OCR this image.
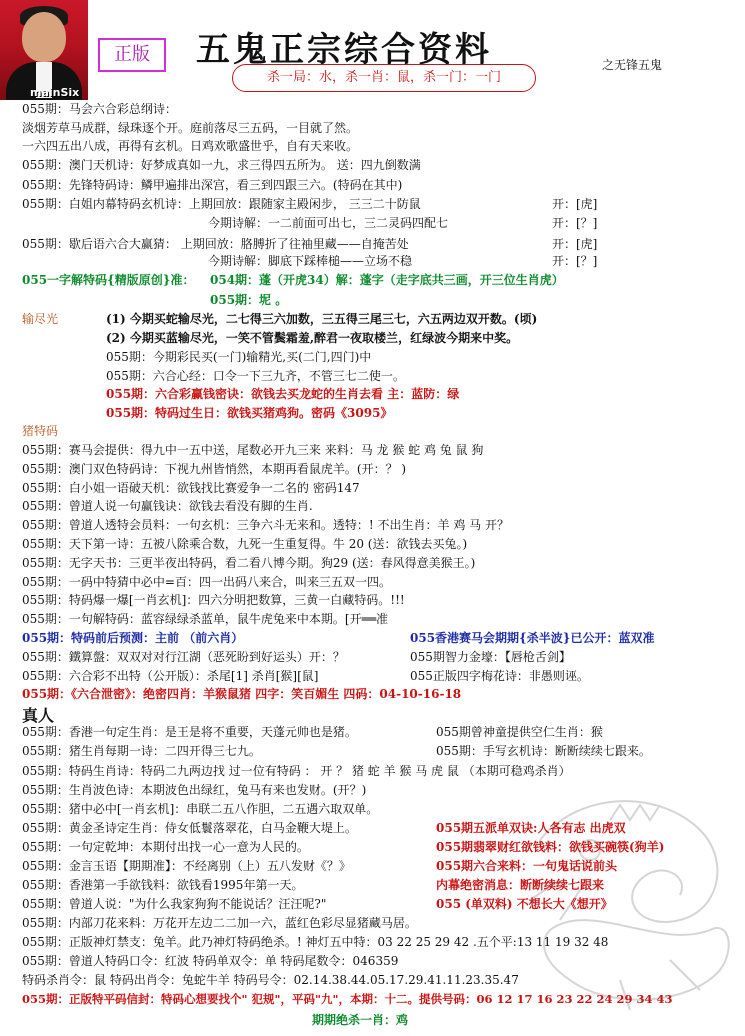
mainSix
正版	五鬼正宗综合资料
杀一局：水，杀一肖：鼠，杀一门：一门
之无锋五鬼
055期：马会六合彩总纲诗：
淡烟芳草马成群，绿珠逐个开。庭前落尽三五码，一目就了然。
一六四五出八成，再得有玄机。日鸡欢歌盛世乎，自有天来收。
055期：澳门天机诗：好梦成真如一九，求三得四五所为。 送：四九倒数满
055期：先锋特码诗：鳞甲遍排出深宫，看三到四跟三六。(特码在其中)
055期：白姐内幕特码玄机诗：上期回放：跟随家主殿闲步， 三三二十防鼠	开：[虎]
今期诗解：一二前面可出七，三二灵码四配七	开：[？]
055期：歇后语六合大赢猜： 上期回放：胳膊折了往袖里藏——自掩苦处	开：[虎]
今期诗解：脚底下踩棒槌——立场不稳	开：[？]
055一字解特码{精版原创}准： 054期：蓬（开虎34）解：蓬字（走字底共三画，开三位生肖虎）
055期：坭 。
输尽光	(1) 今期买蛇输尽光，二七得三六加数，三五得三尾三七，六五两边双开数。(顷)
(2) 今期买蓝输尽光，一笑不管鬓霜羞,醉君一夜取楼兰，红绿波今期来中奖。
055期：今期彩民买(一门)输精光,买(二门,四门)中
055期：六合心经：口令一下三九齐，不管三七二使一。
055期：六合彩赢钱密诀：欲钱去买龙蛇的生肖去看 主：蓝防：绿
055期：特码过生日：欲钱买猪鸡狗。密码《3095》
猪特码
055期：赛马会提供：得九中一五中送，尾数必开九三来 来料：马 龙 猴 蛇 鸡 兔 鼠 狗
055期：澳门双色特码诗：下视九州皆悄然，本期再看鼠虎羊。(开：？ )
055期：白小姐一语破天机：欲钱找比赛爱争一二名的 密码147
055期：曾道人说一句赢钱诀：欲钱去看没有脚的生肖.
055期：曾道人透特会员料：一句玄机：三争六斗无来和。透特：! 不出生肖：羊 鸡 马 开？
055期：天下第一诗：五被八除乘合数，九死一生重复得。牛 20 (送：欲钱去买兔。)
055期：无字天书：三更半夜出特码，看二看八博今期。狗29 (送：春风得意美猴王。)
055期：一码中特猜中必中=百：四一出码八来合，叫来三五双一四。
055期：特码爆一爆[一肖玄机]：四六分明把数算，三黄一白藏特码。!!!
055期：一句解特码：蓝容绿绿杀蓝单，鼠牛虎兔来中本期。[开══准
055期：特码前后预测：主前 （前六肖）	055香港赛马会期期{杀半波}已公开：蓝双准
055期：鐵算盤：双双对对行江湖（恶死盼到好运头）开：？	055期智力金壕：【唇枪舌剑】
055期：六合彩不出特（公开版）：杀尾[1] 杀肖[猴][鼠]	055正版四字梅花诗：非愚则诬。
055期：《六合泄密》：绝密四肖：羊猴鼠猪 四字：笑百媚生 四码：04-10-16-18
真人
055期：香港一句定生肖：是王是将不重要，天蓬元帅也是猪。	055期曾神童提供空仁生肖：猴
055期：猪生肖每期一诗：二四开得三七九。	055期：手写玄机诗：断断续续七跟来。
055期：特码生肖诗：特码二九两边找 过一位有特码 ： 开 ？ 猪 蛇 羊 猴 马 虎 鼠 （本期可稳鸡杀肖）
055期：生肖波色诗：本期波色出绿红，兔马有来也发财。(开？)
055期：猪中必中[一肖玄机]：串联二五八作胆，二五遇六取双单。
055期：黄金圣诗定生肖：侍女低鬟落翠花，白马金鞭大堤上。	055期五派单双诀:人各有志 出虎双
055期：一句定乾坤：本期付出找一心一意为人民的。	055期翡翠财红欲钱料：欲钱买碗筷(狗羊)
055期：金言玉语【期期准】：不经离别（上）五八发财《？》	055期六合来料：一句鬼话说前头
055期：香港第一手欲钱料：欲钱看1995年第一天。	内幕绝密消息：断断续续七跟来
055期：曾道人说："为什么我家狗狗不能说话？汪汪呢?"	055 (单双料) 不想长大《想开》
055期：内部刀花来料：万花开左边二二加一六，蓝红色彩尽显猪藏马居。
055期：正版神灯禁支：兔羊。此乃神灯特码绝杀。! 神灯五中特：03 22 25 29 42 .五个平:13 11 19 32 48
055期：曾道人特码口令：红波 特码单双令：单 特码尾数令：046359
特码杀肖令：鼠 特码出肖令：兔蛇牛羊 特码号令：02.14.38.44.05.17.29.41.11.23.35.47
055期：正版特平码信封：特码心想要找个" 犯规"，平码"九"，本期：十二。提供号码：06 12 17 16 23 22 24 29 34 43
期期绝杀一肖：鸡
